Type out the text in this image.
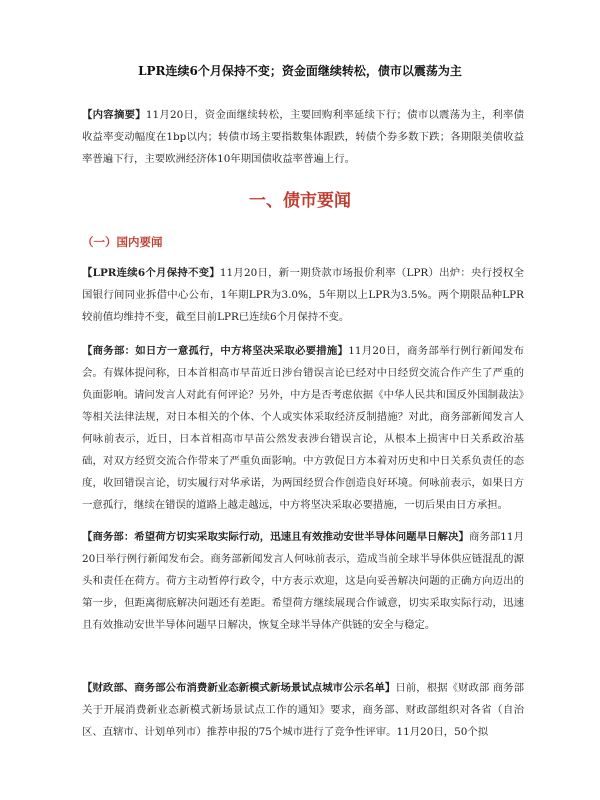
LPR连续6个月保持不变；资金面继续转松，债市以震荡为主
【内容摘要】11月20日，资金面继续转松，主要回购利率延续下行；债市以震荡为主，利率债收益率变动幅度在1bp以内；转债市场主要指数集体跟跌，转债个券多数下跌；各期限美债收益率普遍下行，主要欧洲经济体10年期国债收益率普遍上行。
一、债市要闻
（一）国内要闻
【LPR连续6个月保持不变】11月20日，新一期贷款市场报价利率（LPR）出炉：央行授权全国银行间同业拆借中心公布，1年期LPR为3.0%，5年期以上LPR为3.5%。两个期限品种LPR较前值均维持不变，截至目前LPR已连续6个月保持不变。
【商务部：如日方一意孤行，中方将坚决采取必要措施】11月20日，商务部举行例行新闻发布会。有媒体提问称，日本首相高市早苗近日涉台错误言论已经对中日经贸交流合作产生了严重的负面影响。请问发言人对此有何评论？另外，中方是否考虑依据《中华人民共和国反外国制裁法》等相关法律法规，对日本相关的个体、个人或实体采取经济反制措施？对此，商务部新闻发言人何咏前表示，近日，日本首相高市早苗公然发表涉台错误言论，从根本上损害中日关系政治基础，对双方经贸交流合作带来了严重负面影响。中方敦促日方本着对历史和中日关系负责任的态度，收回错误言论，切实履行对华承诺，为两国经贸合作创造良好环境。何咏前表示，如果日方一意孤行，继续在错误的道路上越走越远，中方将坚决采取必要措施，一切后果由日方承担。
【商务部：希望荷方切实采取实际行动，迅速且有效推动安世半导体问题早日解决】商务部11月20日举行例行新闻发布会。商务部新闻发言人何咏前表示，造成当前全球半导体供应链混乱的源头和责任在荷方。荷方主动暂停行政令，中方表示欢迎，这是向妥善解决问题的正确方向迈出的第一步，但距离彻底解决问题还有差距。希望荷方继续展现合作诚意，切实采取实际行动，迅速且有效推动安世半导体问题早日解决，恢复全球半导体产供链的安全与稳定。
【财政部、商务部公布消费新业态新模式新场景试点城市公示名单】日前，根据《财政部 商务部关于开展消费新业态新模式新场景试点工作的通知》要求，商务部、财政部组织对各省（自治区、直辖市、计划单列市）推荐申报的75个城市进行了竞争性评审。11月20日，50个拟
